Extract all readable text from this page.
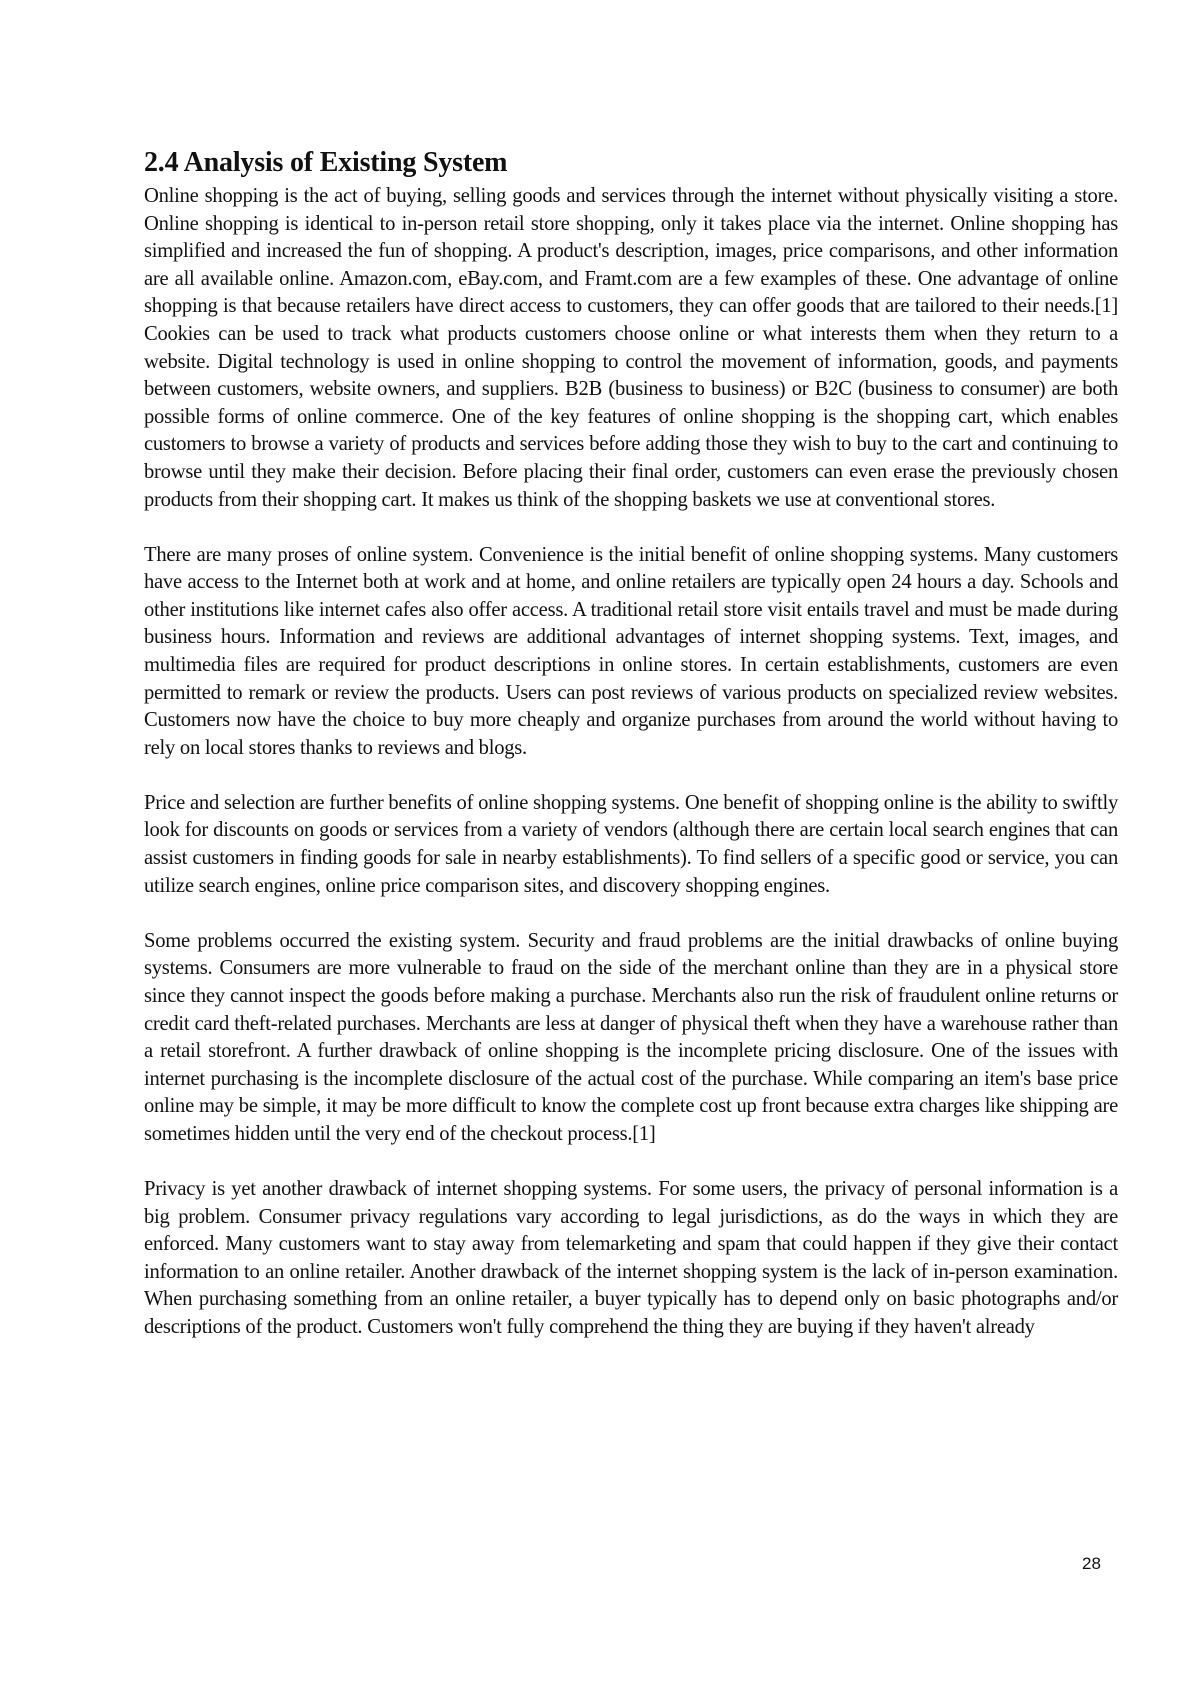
2.4 Analysis of Existing System

Online shopping is the act of buying, selling goods and services through the internet without physically visiting a store. Online shopping is identical to in-person retail store shopping, only it takes place via the internet. Online shopping has simplified and increased the fun of shopping. A product's description, images, price comparisons, and other information are all available online. Amazon.com, eBay.com, and Framt.com are a few examples of these. One advantage of online shopping is that because retailers have direct access to customers, they can offer goods that are tailored to their needs.[1] Cookies can be used to track what products customers choose online or what interests them when they return to a website. Digital technology is used in online shopping to control the movement of information, goods, and payments between customers, website owners, and suppliers. B2B (business to business) or B2C (business to consumer) are both possible forms of online commerce. One of the key features of online shopping is the shopping cart, which enables customers to browse a variety of products and services before adding those they wish to buy to the cart and continuing to browse until they make their decision. Before placing their final order, customers can even erase the previously chosen products from their shopping cart. It makes us think of the shopping baskets we use at conventional stores.

There are many proses of online system. Convenience is the initial benefit of online shopping systems. Many customers have access to the Internet both at work and at home, and online retailers are typically open 24 hours a day. Schools and other institutions like internet cafes also offer access. A traditional retail store visit entails travel and must be made during business hours. Information and reviews are additional advantages of internet shopping systems. Text, images, and multimedia files are required for product descriptions in online stores. In certain establishments, customers are even permitted to remark or review the products. Users can post reviews of various products on specialized review websites. Customers now have the choice to buy more cheaply and organize purchases from around the world without having to rely on local stores thanks to reviews and blogs.

Price and selection are further benefits of online shopping systems. One benefit of shopping online is the ability to swiftly look for discounts on goods or services from a variety of vendors (although there are certain local search engines that can assist customers in finding goods for sale in nearby establishments). To find sellers of a specific good or service, you can utilize search engines, online price comparison sites, and discovery shopping engines.

Some problems occurred the existing system. Security and fraud problems are the initial drawbacks of online buying systems. Consumers are more vulnerable to fraud on the side of the merchant online than they are in a physical store since they cannot inspect the goods before making a purchase. Merchants also run the risk of fraudulent online returns or credit card theft-related purchases. Merchants are less at danger of physical theft when they have a warehouse rather than a retail storefront. A further drawback of online shopping is the incomplete pricing disclosure. One of the issues with internet purchasing is the incomplete disclosure of the actual cost of the purchase. While comparing an item's base price online may be simple, it may be more difficult to know the complete cost up front because extra charges like shipping are sometimes hidden until the very end of the checkout process.[1]

Privacy is yet another drawback of internet shopping systems. For some users, the privacy of personal information is a big problem. Consumer privacy regulations vary according to legal jurisdictions, as do the ways in which they are enforced. Many customers want to stay away from telemarketing and spam that could happen if they give their contact information to an online retailer. Another drawback of the internet shopping system is the lack of in-person examination. When purchasing something from an online retailer, a buyer typically has to depend only on basic photographs and/or descriptions of the product. Customers won't fully comprehend the thing they are buying if they haven't already

28
